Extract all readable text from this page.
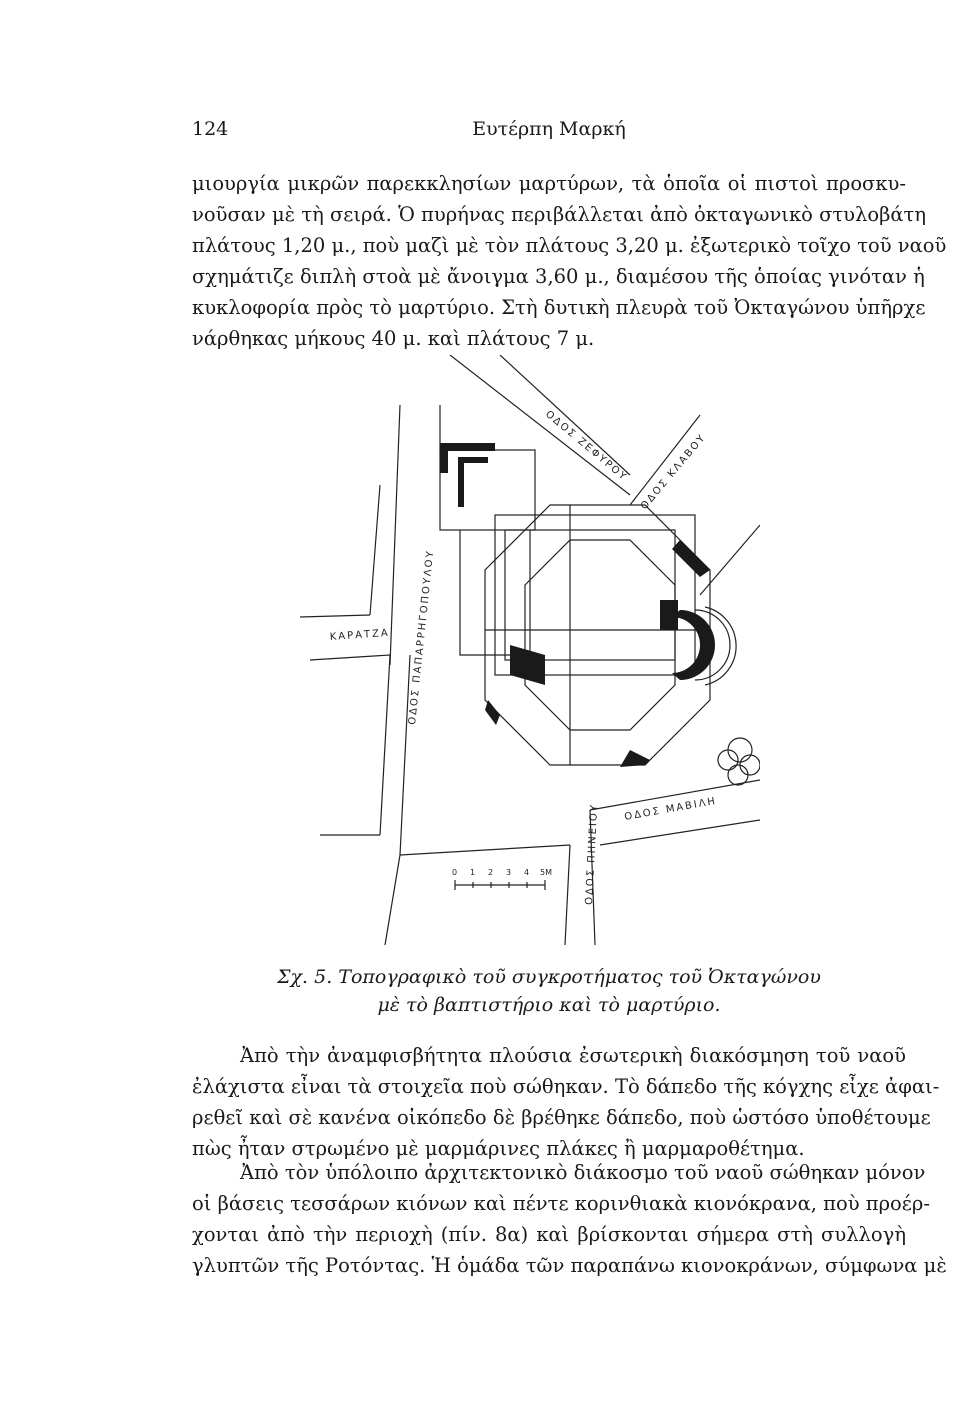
124	Ευτέρπη Μαρκή
μιουργία μικρῶν παρεκκλησίων μαρτύρων, τὰ ὁποῖα οἱ πιστοὶ προσκυ-
νοῦσαν μὲ τὴ σειρά. Ὁ πυρήνας περιβάλλεται ἀπὸ ὀκταγωνικὸ στυλοβάτη
πλάτους 1,20 μ., ποὺ μαζὶ μὲ τὸν πλάτους 3,20 μ. ἐξωτερικὸ τοῖχο τοῦ ναοῦ
σχημάτιζε διπλὴ στοὰ μὲ ἄνοιγμα 3,60 μ., διαμέσου τῆς ὁποίας γινόταν ἡ
κυκλοφορία πρὸς τὸ μαρτύριο. Στὴ δυτικὴ πλευρὰ τοῦ Ὀκταγώνου ὑπῆρχε
νάρθηκας μήκους 40 μ. καὶ πλάτους 7 μ.
0 1 2 3 4 5Μ
ΚΑΡΑΤΖΑ ΟΔΟΣ ΠΑΠΑΡΡΗΓΟΠΟΥΛΟΥ
ΟΔΟΣ ΖΕΦΥΡΟΥ ΟΔΟΣ ΚΛΑΒΟΥ
ΟΔΟΣ ΜΑΒΙΛΗ
ΟΔΟΣ ΠΗΝΕΙΟΥ
Σχ. 5. Τοπογραφικὸ τοῦ συγκροτήματος τοῦ Ὀκταγώνου
μὲ τὸ βαπτιστήριο καὶ τὸ μαρτύριο.
Ἀπὸ τὴν ἀναμφισβήτητα πλούσια ἐσωτερικὴ διακόσμηση τοῦ ναοῦ
ἐλάχιστα εἶναι τὰ στοιχεῖα ποὺ σώθηκαν. Τὸ δάπεδο τῆς κόγχης εἶχε ἀφαι-
ρεθεῖ καὶ σὲ κανένα οἰκόπεδο δὲ βρέθηκε δάπεδο, ποὺ ὡστόσο ὑποθέτουμε
πὼς ἦταν στρωμένο μὲ μαρμάρινες πλάκες ἢ μαρμαροθέτημα.
Ἀπὸ τὸν ὑπόλοιπο ἀρχιτεκτονικὸ διάκοσμο τοῦ ναοῦ σώθηκαν μόνον
οἱ βάσεις τεσσάρων κιόνων καὶ πέντε κορινθιακὰ κιονόκρανα, ποὺ προέρ-
χονται ἀπὸ τὴν περιοχὴ (πίν. 8α) καὶ βρίσκονται σήμερα στὴ συλλογὴ
γλυπτῶν τῆς Ροτόντας. Ἡ ὁμάδα τῶν παραπάνω κιονοκράνων, σύμφωνα μὲ
